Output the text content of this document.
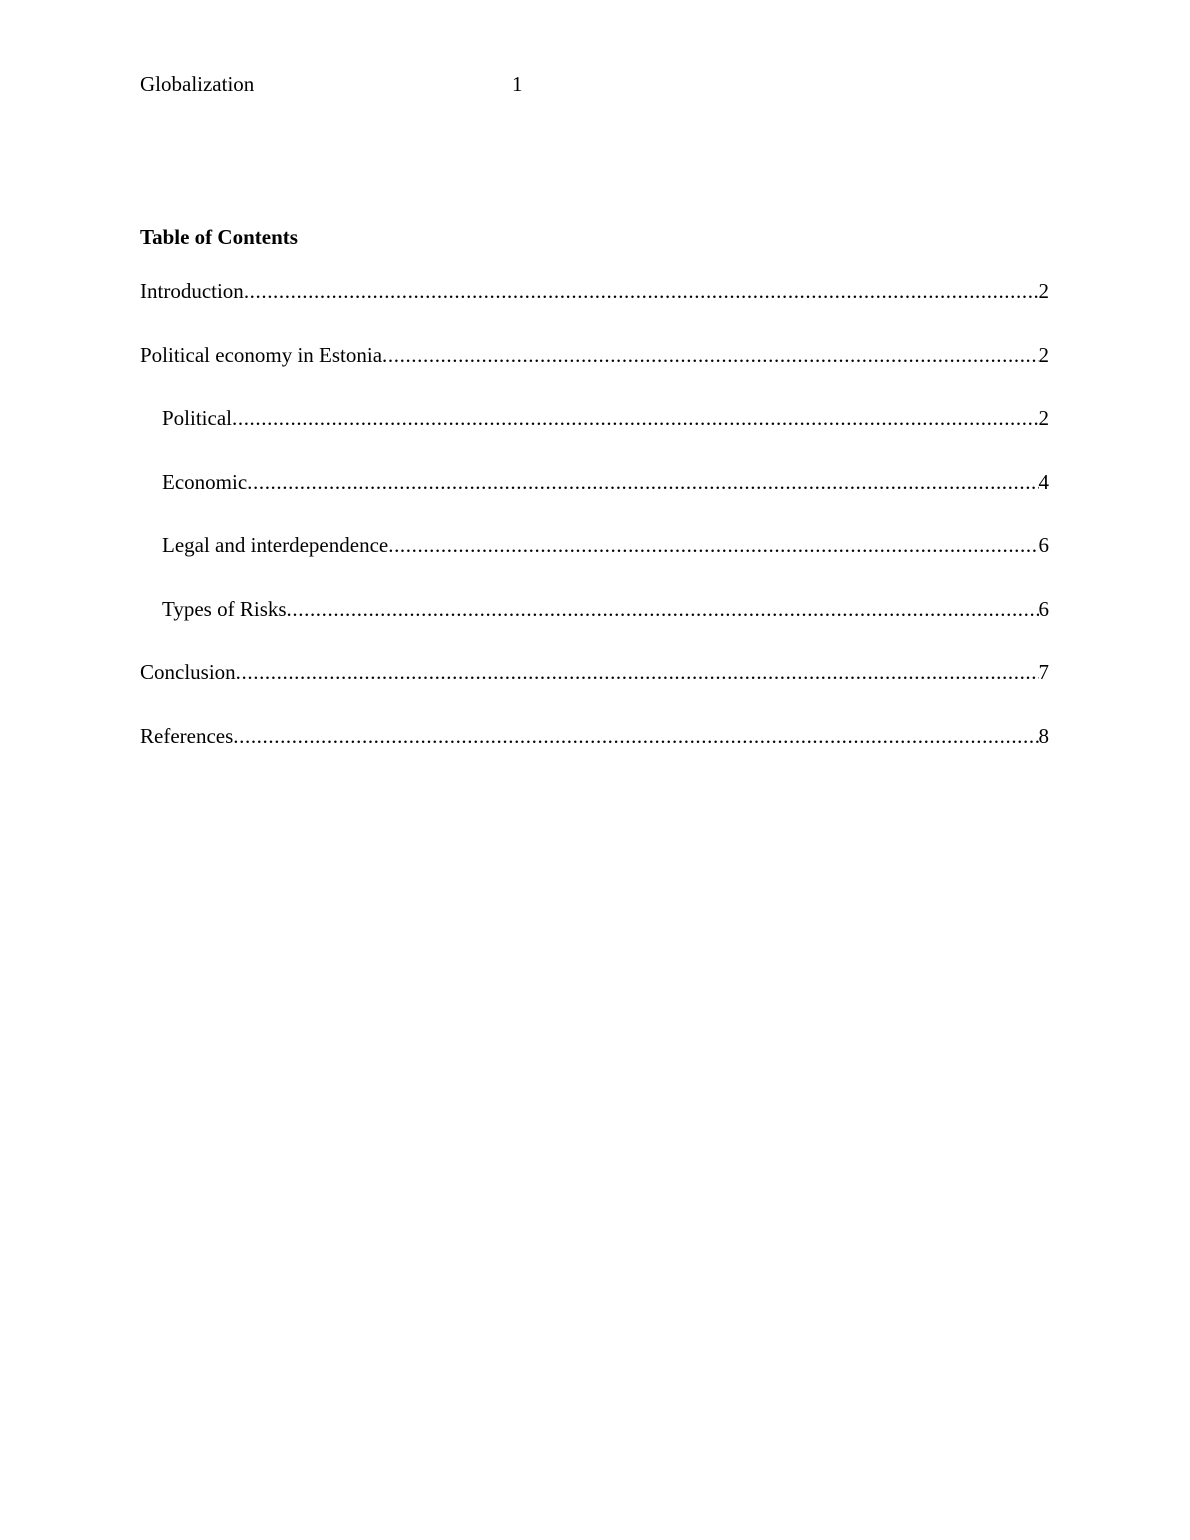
Globalization	1
Table of Contents
Introduction .....	2
Political economy in Estonia .....	2
Political .....	2
Economic .....	4
Legal and interdependence .....	6
Types of Risks .....	6
Conclusion .....	7
References .....	8
